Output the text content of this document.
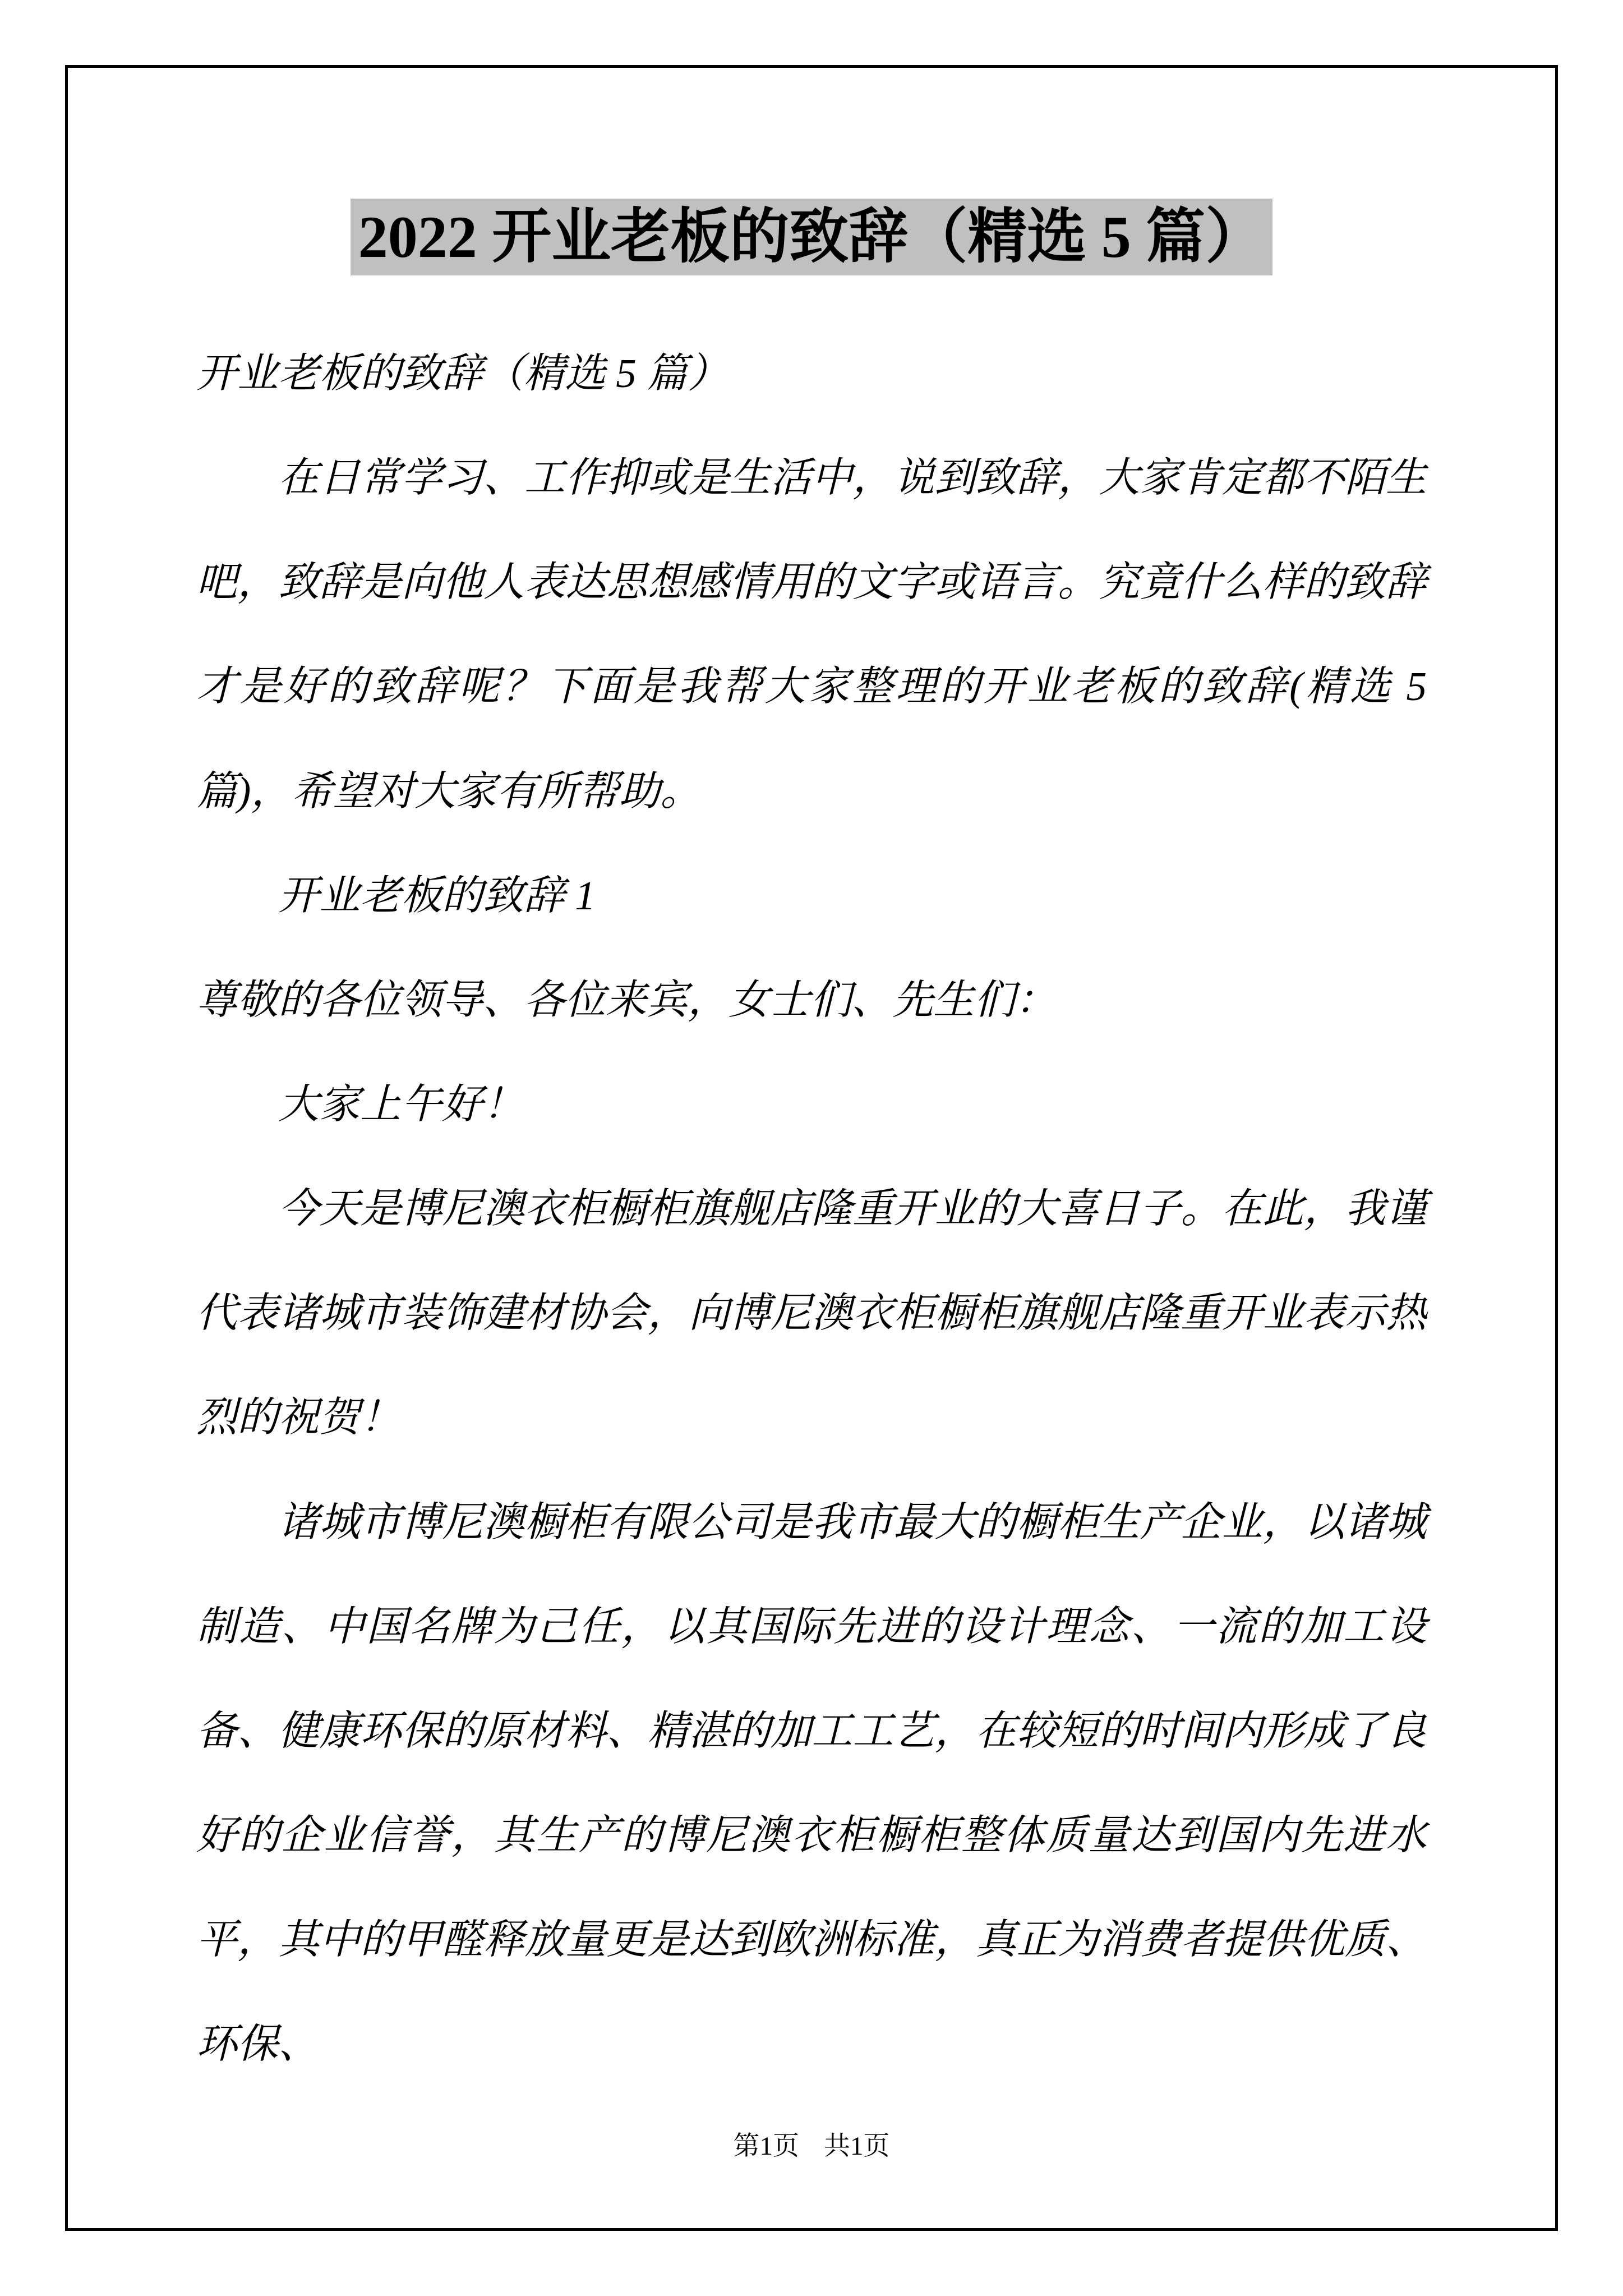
2022 开业老板的致辞（精选 5 篇）

开业老板的致辞（精选 5 篇）

在日常学习、工作抑或是生活中，说到致辞，大家肯定都不陌生吧，致辞是向他人表达思想感情用的文字或语言。究竟什么样的致辞才是好的致辞呢？下面是我帮大家整理的开业老板的致辞(精选 5 篇)，希望对大家有所帮助。

开业老板的致辞 1

尊敬的各位领导、各位来宾，女士们、先生们：

大家上午好！

今天是博尼澳衣柜橱柜旗舰店隆重开业的大喜日子。在此，我谨代表诸城市装饰建材协会，向博尼澳衣柜橱柜旗舰店隆重开业表示热烈的祝贺！

诸城市博尼澳橱柜有限公司是我市最大的橱柜生产企业，以诸城制造、中国名牌为己任，以其国际先进的设计理念、一流的加工设备、健康环保的原材料、精湛的加工工艺，在较短的时间内形成了良好的企业信誉，其生产的博尼澳衣柜橱柜整体质量达到国内先进水平，其中的甲醛释放量更是达到欧洲标准，真正为消费者提供优质、环保、

第1页 共1页
